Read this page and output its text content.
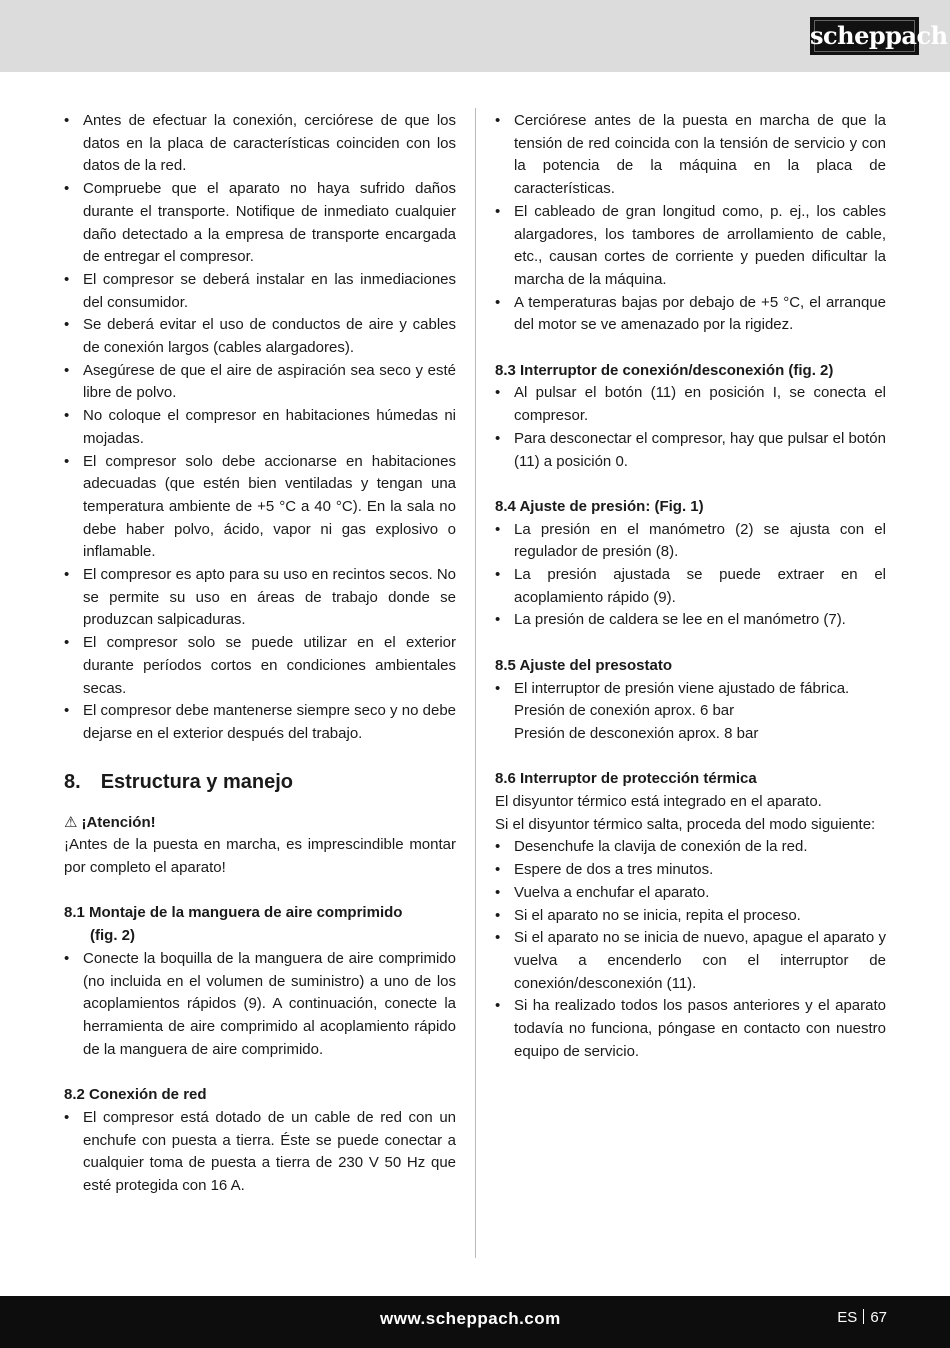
scheppach
• Antes de efectuar la conexión, cerciórese de que los datos en la placa de características coinciden con los datos de la red.
• Compruebe que el aparato no haya sufrido daños durante el transporte. Notifique de inmediato cualquier daño detectado a la empresa de transporte encargada de entregar el compresor.
• El compresor se deberá instalar en las inmediaciones del consumidor.
• Se deberá evitar el uso de conductos de aire y cables de conexión largos (cables alargadores).
• Asegúrese de que el aire de aspiración sea seco y esté libre de polvo.
• No coloque el compresor en habitaciones húmedas ni mojadas.
• El compresor solo debe accionarse en habitaciones adecuadas (que estén bien ventiladas y tengan una temperatura ambiente de +5 °C a 40 °C). En la sala no debe haber polvo, ácido, vapor ni gas explosivo o inflamable.
• El compresor es apto para su uso en recintos secos. No se permite su uso en áreas de trabajo donde se produzcan salpicaduras.
• El compresor solo se puede utilizar en el exterior durante períodos cortos en condiciones ambientales secas.
• El compresor debe mantenerse siempre seco y no debe dejarse en el exterior después del trabajo.
8. Estructura y manejo

⚠ ¡Atención!

¡Antes de la puesta en marcha, es imprescindible montar por completo el aparato!

8.1 Montaje de la manguera de aire comprimido

(fig. 2)

• Conecte la boquilla de la manguera de aire comprimido (no incluida en el volumen de suministro) a uno de los acoplamientos rápidos (9). A continuación, conecte la herramienta de aire comprimido al acoplamiento rápido de la manguera de aire comprimido.

8.2 Conexión de red

• El compresor está dotado de un cable de red con un enchufe con puesta a tierra. Éste se puede conectar a cualquier toma de puesta a tierra de 230 V 50 Hz que esté protegida con 16 A.
• Cerciórese antes de la puesta en marcha de que la tensión de red coincida con la tensión de servicio y con la potencia de la máquina en la placa de características.
• El cableado de gran longitud como, p. ej., los cables alargadores, los tambores de arrollamiento de cable, etc., causan cortes de corriente y pueden dificultar la marcha de la máquina.
• A temperaturas bajas por debajo de +5 °C, el arranque del motor se ve amenazado por la rigidez.

8.3 Interruptor de conexión/desconexión (fig. 2)

• Al pulsar el botón (11) en posición I, se conecta el compresor.
• Para desconectar el compresor, hay que pulsar el botón (11) a posición 0.

8.4 Ajuste de presión: (Fig. 1)

• La presión en el manómetro (2) se ajusta con el regulador de presión (8).
• La presión ajustada se puede extraer en el acoplamiento rápido (9).
• La presión de caldera se lee en el manómetro (7).

8.5 Ajuste del presostato

• El interruptor de presión viene ajustado de fábrica.
Presión de conexión aprox. 6 bar
Presión de desconexión aprox. 8 bar

8.6 Interruptor de protección térmica

El disyuntor térmico está integrado en el aparato.

Si el disyuntor térmico salta, proceda del modo siguiente:

• Desenchufe la clavija de conexión de la red.
• Espere de dos a tres minutos.
• Vuelva a enchufar el aparato.
• Si el aparato no se inicia, repita el proceso.
• Si el aparato no se inicia de nuevo, apague el aparato y vuelva a encenderlo con el interruptor de conexión/desconexión (11).
• Si ha realizado todos los pasos anteriores y el aparato todavía no funciona, póngase en contacto con nuestro equipo de servicio.
www.scheppach.com	ES 67
